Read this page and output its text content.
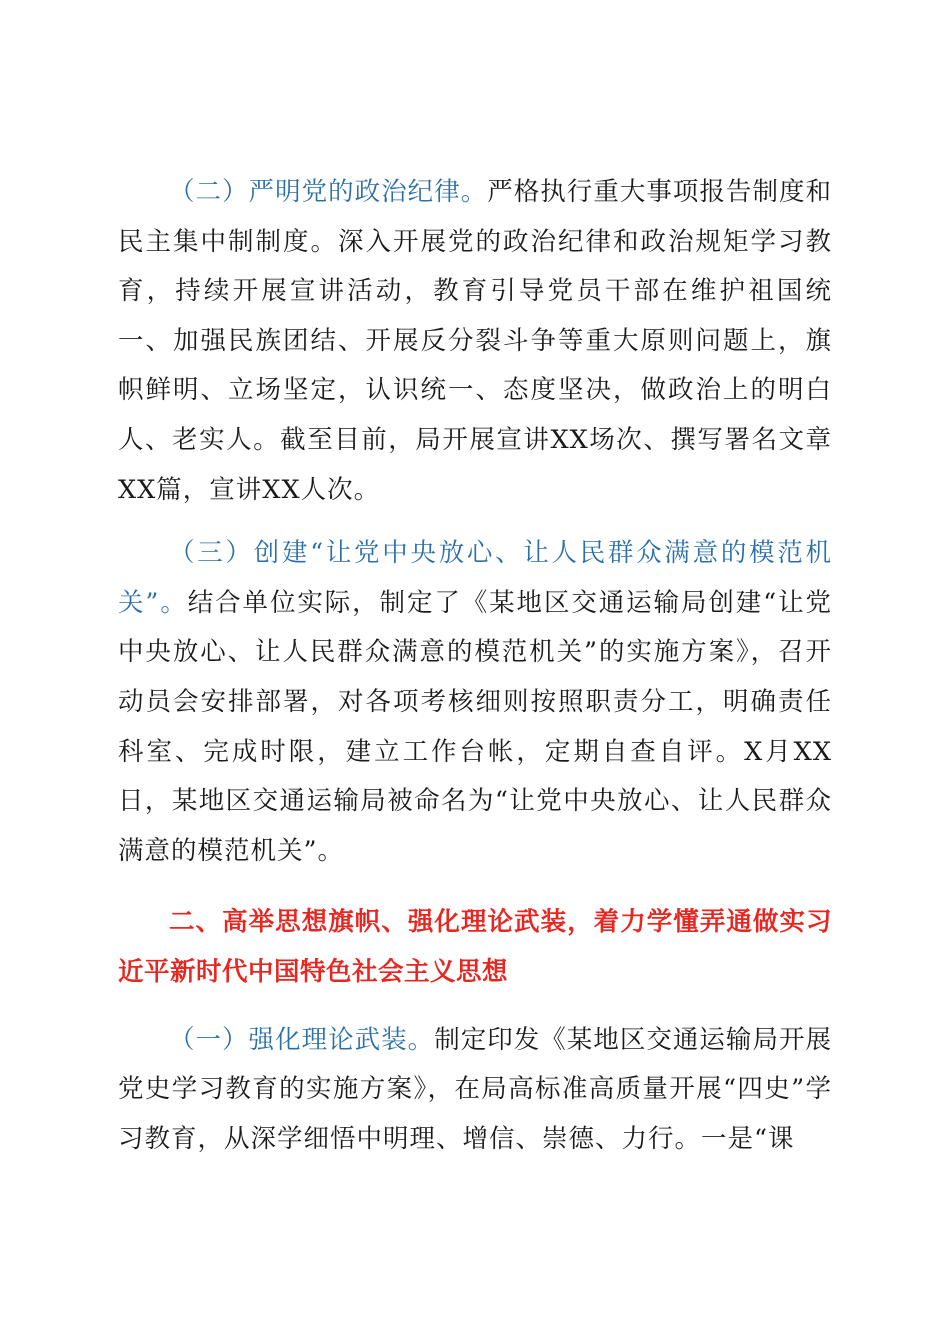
（二）严明党的政治纪律。严格执行重大事项报告制度和民主集中制制度。深入开展党的政治纪律和政治规矩学习教育，持续开展宣讲活动，教育引导党员干部在维护祖国统一、加强民族团结、开展反分裂斗争等重大原则问题上，旗帜鲜明、立场坚定，认识统一、态度坚决，做政治上的明白人、老实人。截至目前，局开展宣讲XX场次、撰写署名文章XX篇，宣讲XX人次。

（三）创建“让党中央放心、让人民群众满意的模范机关”。结合单位实际，制定了《某地区交通运输局创建“让党中央放心、让人民群众满意的模范机关”的实施方案》，召开动员会安排部署，对各项考核细则按照职责分工，明确责任科室、完成时限，建立工作台帐，定期自查自评。X月XX日，某地区交通运输局被命名为“让党中央放心、让人民群众满意的模范机关”。

二、高举思想旗帜、强化理论武装，着力学懂弄通做实习近平新时代中国特色社会主义思想

（一）强化理论武装。制定印发《某地区交通运输局开展党史学习教育的实施方案》，在局高标准高质量开展“四史”学习教育，从深学细悟中明理、增信、崇德、力行。一是“课
